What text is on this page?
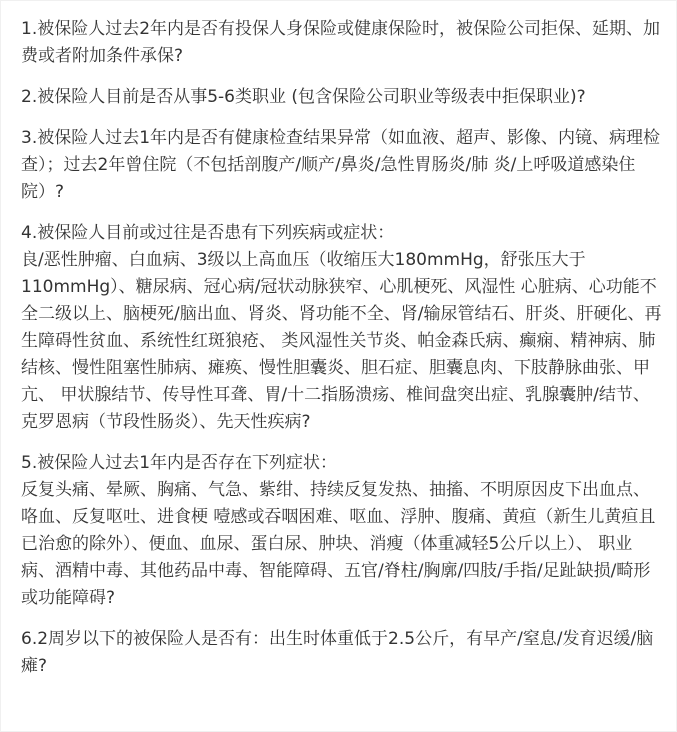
1.被保险人过去2年内是否有投保人身保险或健康保险时，被保险公司拒保、延期、加费或者附加条件承保?
2.被保险人目前是否从事5-6类职业 (包含保险公司职业等级表中拒保职业)?
3.被保险人过去1年内是否有健康检查结果异常（如血液、超声、影像、内镜、病理检查）；过去2年曾住院（不包括剖腹产/顺产/鼻炎/急性胃肠炎/肺 炎/上呼吸道感染住院）?
4.被保险人目前或过往是否患有下列疾病或症状：
良/恶性肿瘤、白血病、3级以上高血压（收缩压大180mmHg，舒张压大于110mmHg）、糖尿病、冠心病/冠状动脉狭窄、心肌梗死、风湿性 心脏病、心功能不全二级以上、脑梗死/脑出血、肾炎、肾功能不全、肾/输尿管结石、肝炎、肝硬化、再生障碍性贫血、系统性红斑狼疮、 类风湿性关节炎、帕金森氏病、癫痫、精神病、肺结核、慢性阻塞性肺病、瘫痪、慢性胆囊炎、胆石症、胆囊息肉、下肢静脉曲张、甲亢、 甲状腺结节、传导性耳聋、胃/十二指肠溃疡、椎间盘突出症、乳腺囊肿/结节、克罗恩病（节段性肠炎）、先天性疾病?
5.被保险人过去1年内是否存在下列症状：
反复头痛、晕厥、胸痛、气急、紫绀、持续反复发热、抽搐、不明原因皮下出血点、咯血、反复呕吐、进食梗 噎感或吞咽困难、呕血、浮肿、腹痛、黄疸（新生儿黄疸且已治愈的除外）、便血、血尿、蛋白尿、肿块、消瘦（体重减轻5公斤以上）、 职业病、酒精中毒、其他药品中毒、智能障碍、五官/脊柱/胸廓/四肢/手指/足趾缺损/畸形或功能障碍?
6.2周岁以下的被保险人是否有：出生时体重低于2.5公斤，有早产/窒息/发育迟缓/脑瘫?
